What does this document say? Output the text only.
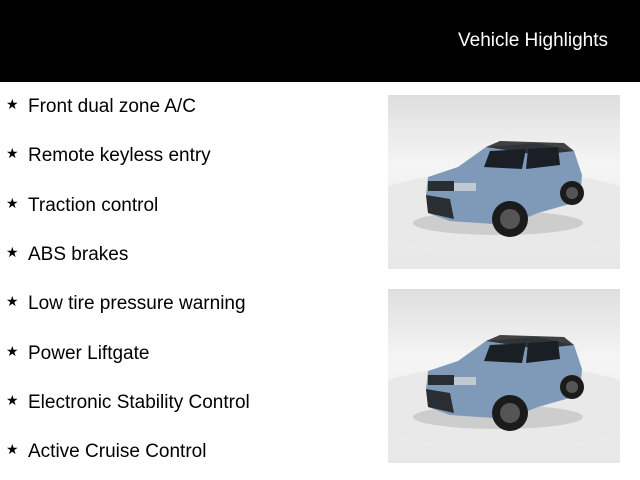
Vehicle Highlights
★ Front dual zone A/C
★ Remote keyless entry
★ Traction control
★ ABS brakes
★ Low tire pressure warning
★ Power Liftgate
★ Electronic Stability Control
★ Active Cruise Control
